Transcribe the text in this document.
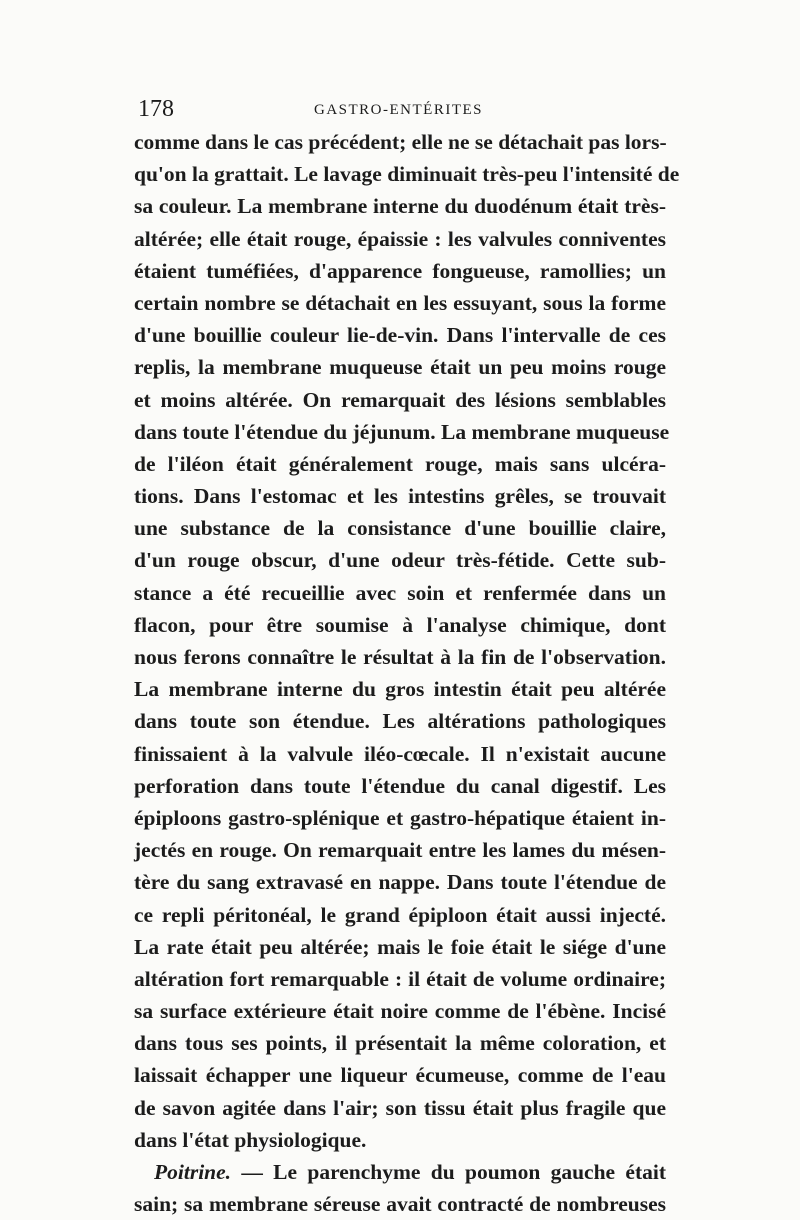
178	GASTRO-ENTÉRITES
comme dans le cas précédent; elle ne se détachait pas lors-
qu'on la grattait. Le lavage diminuait très-peu l'intensité de
sa couleur. La membrane interne du duodénum était très-
altérée; elle était rouge, épaissie : les valvules conniventes
étaient tuméfiées, d'apparence fongueuse, ramollies; un
certain nombre se détachait en les essuyant, sous la forme
d'une bouillie couleur lie-de-vin. Dans l'intervalle de ces
replis, la membrane muqueuse était un peu moins rouge
et moins altérée. On remarquait des lésions semblables
dans toute l'étendue du jéjunum. La membrane muqueuse
de l'iléon était généralement rouge, mais sans ulcéra-
tions. Dans l'estomac et les intestins grêles, se trouvait
une substance de la consistance d'une bouillie claire,
d'un rouge obscur, d'une odeur très-fétide. Cette sub-
stance a été recueillie avec soin et renfermée dans un
flacon, pour être soumise à l'analyse chimique, dont
nous ferons connaître le résultat à la fin de l'observation.
La membrane interne du gros intestin était peu altérée
dans toute son étendue. Les altérations pathologiques
finissaient à la valvule iléo-cœcale. Il n'existait aucune
perforation dans toute l'étendue du canal digestif. Les
épiploons gastro-splénique et gastro-hépatique étaient in-
jectés en rouge. On remarquait entre les lames du mésen-
tère du sang extravasé en nappe. Dans toute l'étendue de
ce repli péritonéal, le grand épiploon était aussi injecté.
La rate était peu altérée; mais le foie était le siége d'une
altération fort remarquable : il était de volume ordinaire;
sa surface extérieure était noire comme de l'ébène. Incisé
dans tous ses points, il présentait la même coloration, et
laissait échapper une liqueur écumeuse, comme de l'eau
de savon agitée dans l'air; son tissu était plus fragile que
dans l'état physiologique.
Poitrine. — Le parenchyme du poumon gauche était
sain; sa membrane séreuse avait contracté de nombreuses
